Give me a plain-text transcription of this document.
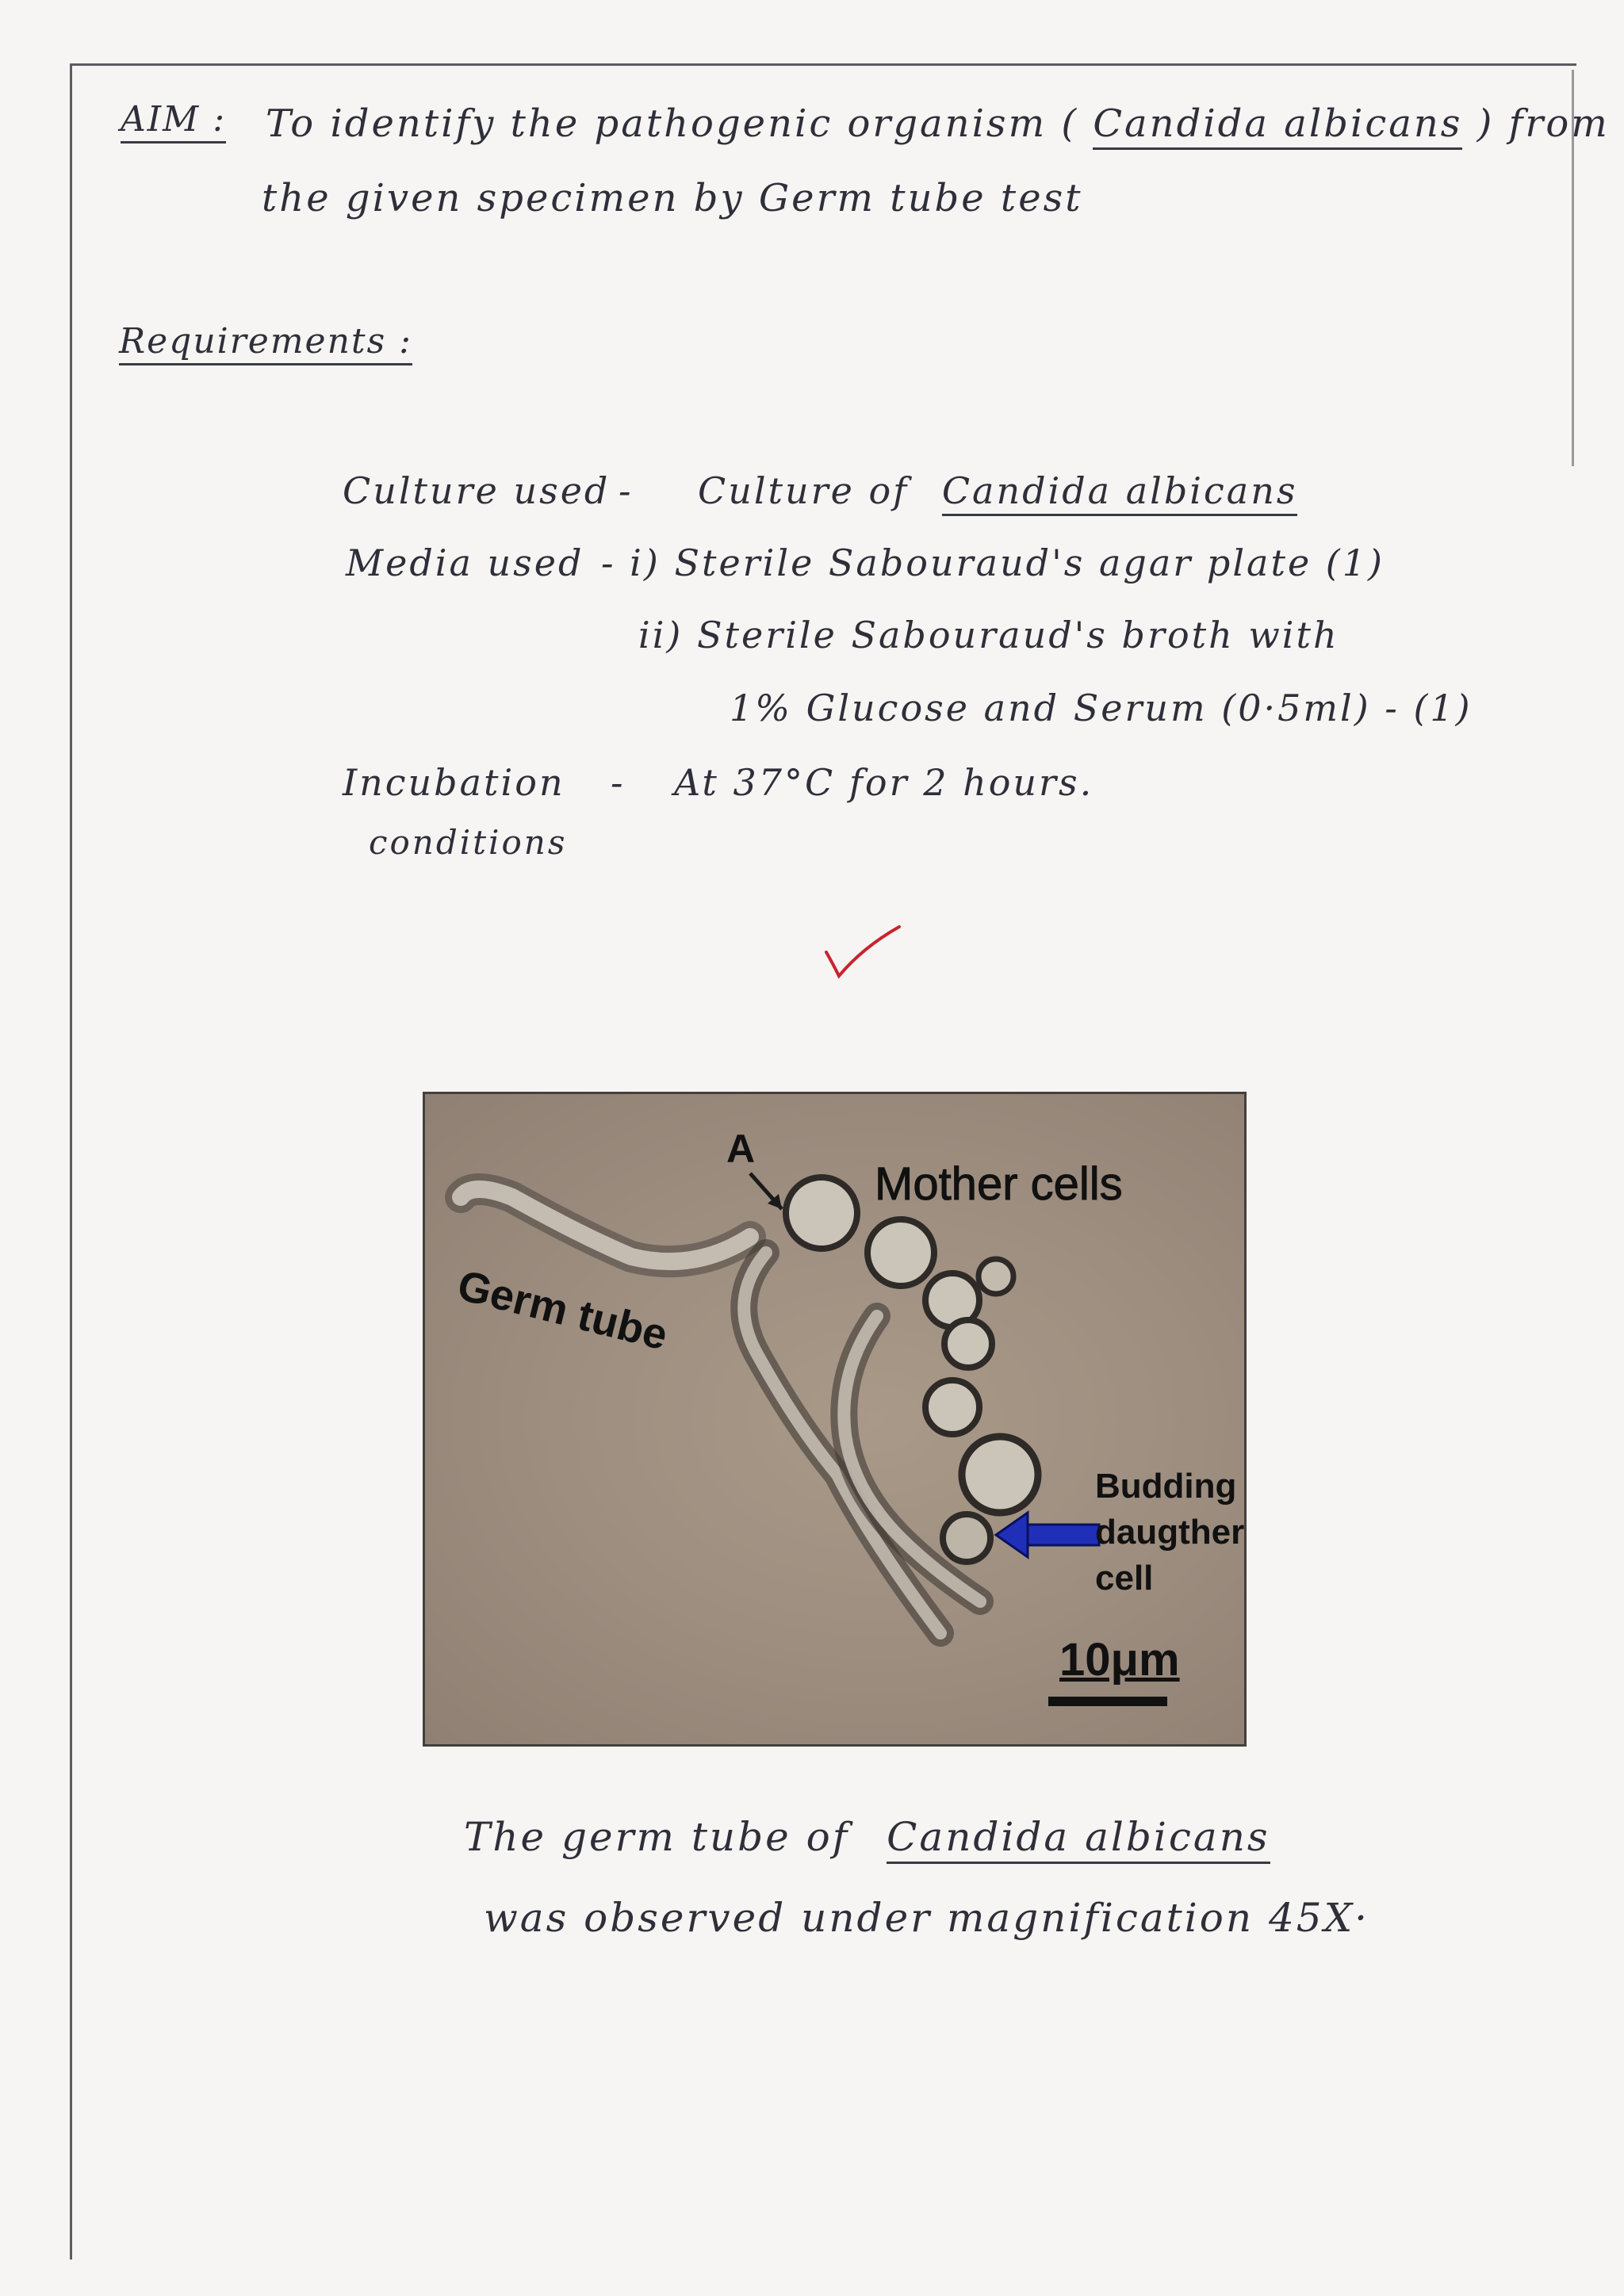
AIM : To identify the pathogenic organism ( Candida albicans ) from
the given specimen by Germ tube test
Requirements :
Culture used - Culture of Candida albicans
Media used - i) Sterile Sabouraud's agar plate (1)
ii) Sterile Sabouraud's broth with
1% Glucose and Serum (0·5ml) - (1)
Incubation - At 37°C for 2 hours.
conditions
A
Mother cells
Germ tube
Budding
daugther
cell
10μm
The germ tube of Candida albicans
was observed under magnification 45X·
